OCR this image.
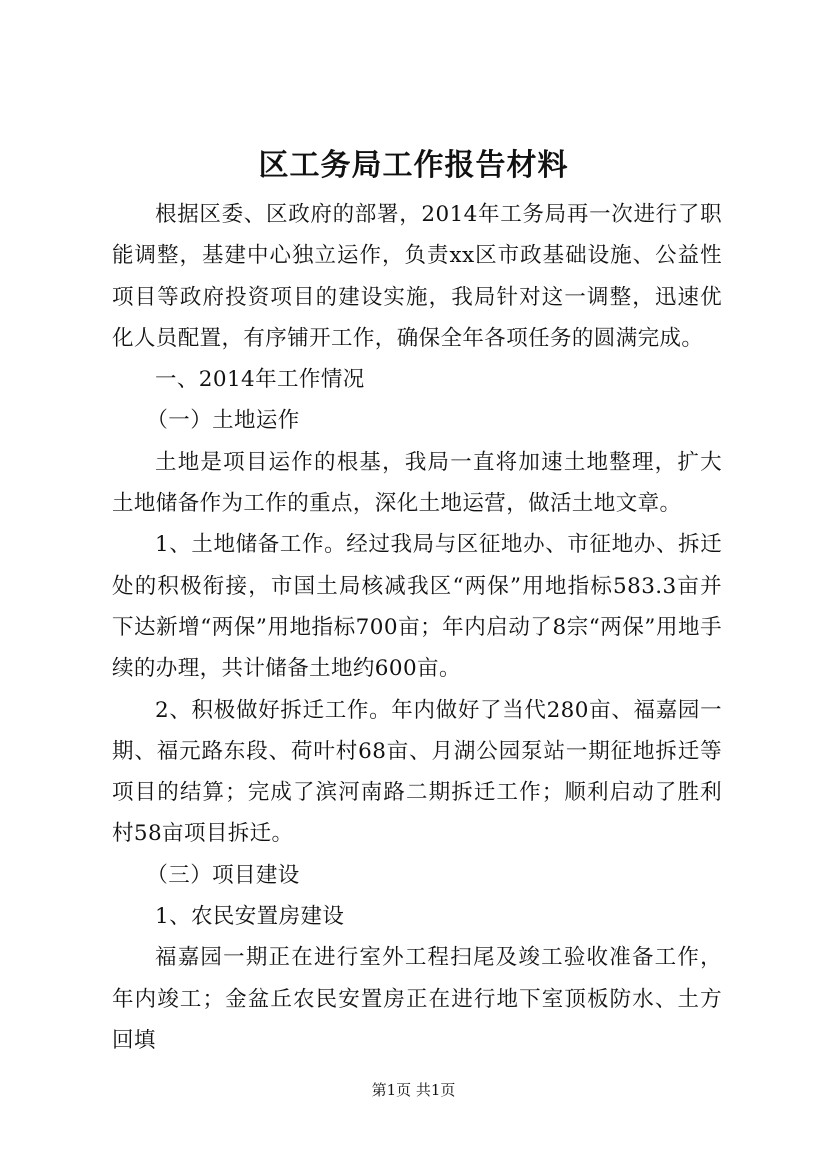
区工务局工作报告材料

根据区委、区政府的部署，2014年工务局再一次进行了职能调整，基建中心独立运作，负责xx区市政基础设施、公益性项目等政府投资项目的建设实施，我局针对这一调整，迅速优化人员配置，有序铺开工作，确保全年各项任务的圆满完成。

一、2014年工作情况

（一）土地运作

土地是项目运作的根基，我局一直将加速土地整理，扩大土地储备作为工作的重点，深化土地运营，做活土地文章。

1、土地储备工作。经过我局与区征地办、市征地办、拆迁处的积极衔接，市国土局核减我区“两保”用地指标583.3亩并下达新增“两保”用地指标700亩；年内启动了8宗“两保”用地手续的办理，共计储备土地约600亩。

2、积极做好拆迁工作。年内做好了当代280亩、福嘉园一期、福元路东段、荷叶村68亩、月湖公园泵站一期征地拆迁等项目的结算；完成了滨河南路二期拆迁工作；顺利启动了胜利村58亩项目拆迁。

（三）项目建设

1、农民安置房建设

福嘉园一期正在进行室外工程扫尾及竣工验收准备工作，年内竣工；金盆丘农民安置房正在进行地下室顶板防水、土方回填

第1页 共1页
